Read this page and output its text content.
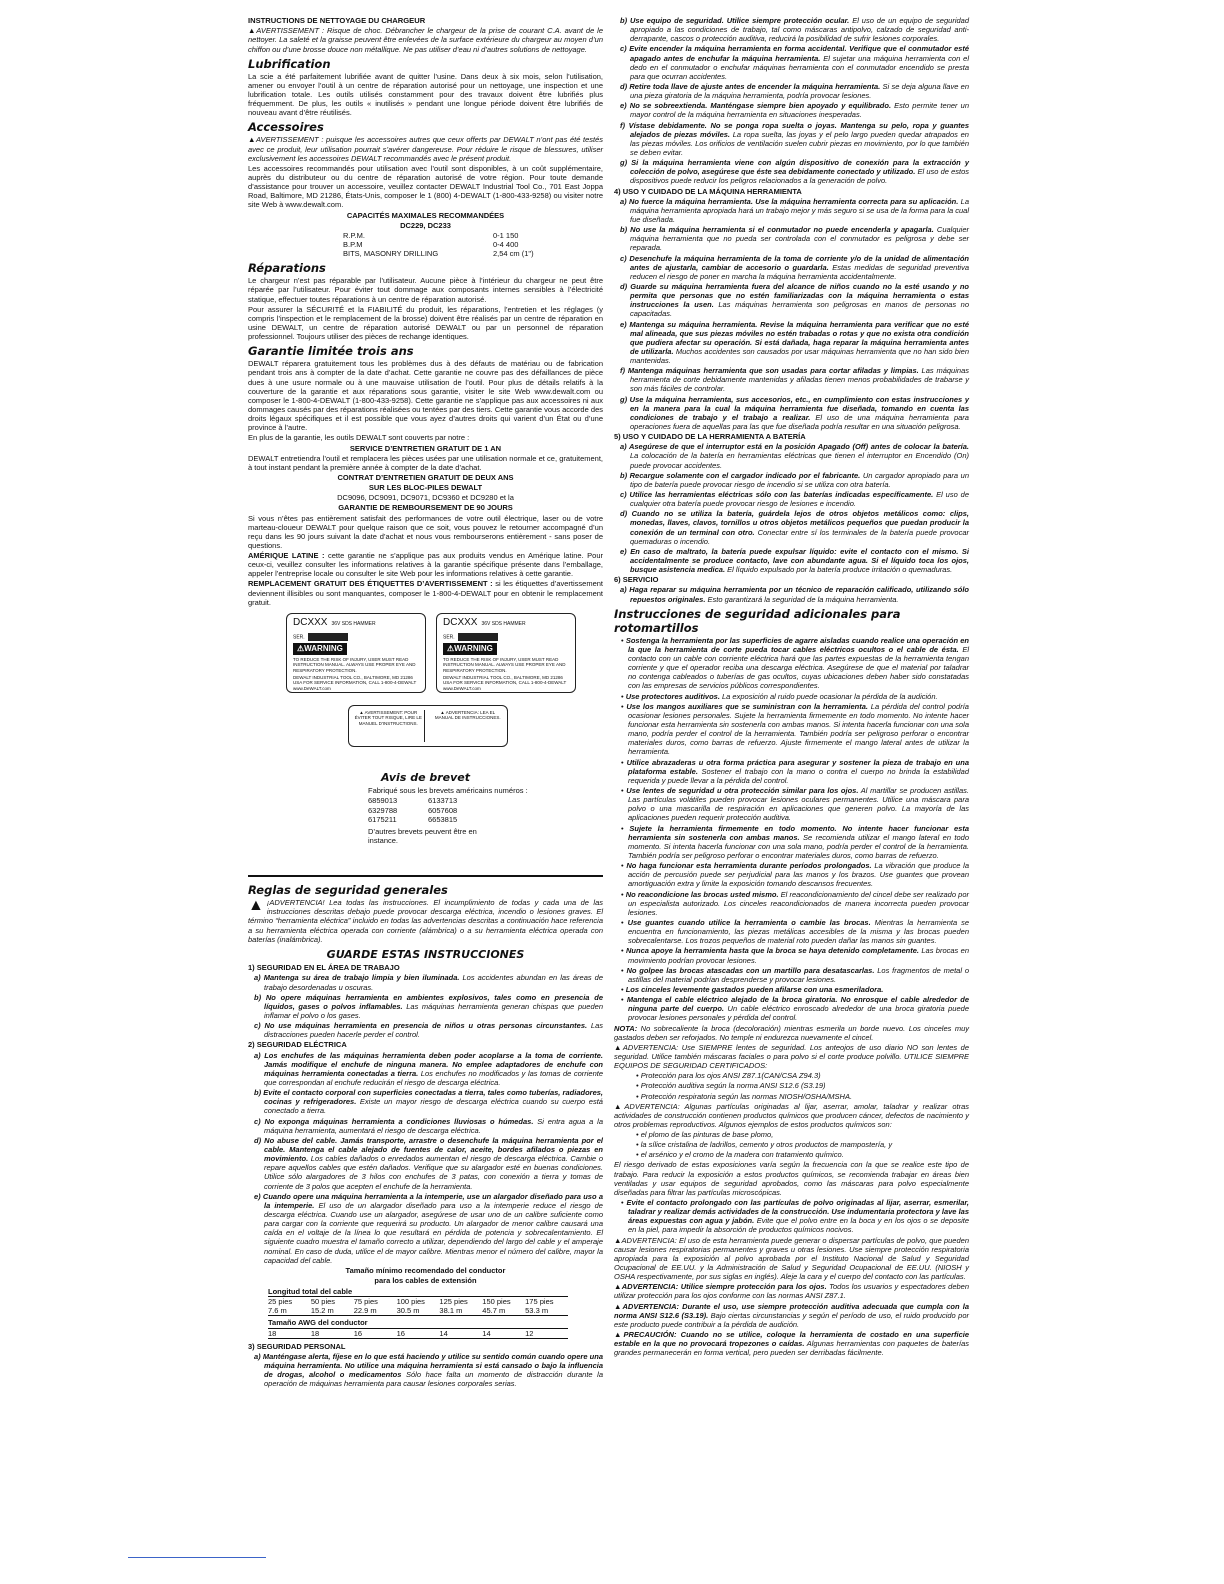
INSTRUCTIONS DE NETTOYAGE DU CHARGEUR

▲AVERTISSEMENT : Risque de choc. Débrancher le chargeur de la prise de courant C.A. avant de le nettoyer. La saleté et la graisse peuvent être enlevées de la surface extérieure du chargeur au moyen d’un chiffon ou d’une brosse douce non métallique. Ne pas utiliser d’eau ni d’autres solutions de nettoyage.

Lubrification

La scie a été parfaitement lubrifiée avant de quitter l’usine. Dans deux à six mois, selon l’utilisation, amener ou envoyer l’outil à un centre de réparation autorisé pour un nettoyage, une inspection et une lubrification totale. Les outils utilisés constamment pour des travaux doivent être lubrifiés plus fréquemment. De plus, les outils « inutilisés » pendant une longue période doivent être lubrifiés de nouveau avant d’être réutilisés.

Accessoires

▲AVERTISSEMENT : puisque les accessoires autres que ceux offerts par DEWALT n’ont pas été testés avec ce produit, leur utilisation pourrait s’avérer dangereuse. Pour réduire le risque de blessures, utiliser exclusivement les accessoires DEWALT recommandés avec le présent produit.

Les accessoires recommandés pour utilisation avec l’outil sont disponibles, à un coût supplémentaire, auprès du distributeur ou du centre de réparation autorisé de votre région. Pour toute demande d’assistance pour trouver un accessoire, veuillez contacter DEWALT Industrial Tool Co., 701 East Joppa Road, Baltimore, MD 21286, États-Unis, composer le 1 (800) 4-DEWALT (1-800-433-9258) ou visiter notre site Web à www.dewalt.com.

CAPACITÉS MAXIMALES RECOMMANDÉES

DC229, DC233

R.P.M.	0-1 150
B.P.M	0-4 400
BITS, MASONRY DRILLING	2,54 cm (1")
Réparations

Le chargeur n’est pas réparable par l’utilisateur. Aucune pièce à l’intérieur du chargeur ne peut être réparée par l’utilisateur. Pour éviter tout dommage aux composants internes sensibles à l’électricité statique, effectuer toutes réparations à un centre de réparation autorisé.

Pour assurer la SÉCURITÉ et la FIABILITÉ du produit, les réparations, l’entretien et les réglages (y compris l’inspection et le remplacement de la brosse) doivent être réalisés par un centre de réparation en usine DEWALT, un centre de réparation autorisé DEWALT ou par un personnel de réparation professionnel. Toujours utiliser des pièces de rechange identiques.

Garantie limitée trois ans

DEWALT réparera gratuitement tous les problèmes dus à des défauts de matériau ou de fabrication pendant trois ans à compter de la date d’achat. Cette garantie ne couvre pas des défaillances de pièce dues à une usure normale ou à une mauvaise utilisation de l’outil. Pour plus de détails relatifs à la couverture de la garantie et aux réparations sous garantie, visiter le site Web www.dewalt.com ou composer le 1-800-4-DEWALT (1-800-433-9258). Cette garantie ne s’applique pas aux accessoires ni aux dommages causés par des réparations réalisées ou tentées par des tiers. Cette garantie vous accorde des droits légaux spécifiques et il est possible que vous ayez d’autres droits qui varient d’un État ou d’une province à l’autre.

En plus de la garantie, les outils DEWALT sont couverts par notre :

SERVICE D’ENTRETIEN GRATUIT DE 1 AN

DEWALT entretiendra l’outil et remplacera les pièces usées par une utilisation normale et ce, gratuitement, à tout instant pendant la première année à compter de la date d’achat.

CONTRAT D’ENTRETIEN GRATUIT DE DEUX ANS

SUR LES BLOC-PILES DEWALT

DC9096, DC9091, DC9071, DC9360 et DC9280 et la

GARANTIE DE REMBOURSEMENT DE 90 JOURS

Si vous n’êtes pas entièrement satisfait des performances de votre outil électrique, laser ou de votre marteau-cloueur DEWALT pour quelque raison que ce soit, vous pouvez le retourner accompagné d’un reçu dans les 90 jours suivant la date d’achat et nous vous rembourserons entièrement - sans poser de questions.

AMÉRIQUE LATINE : cette garantie ne s’applique pas aux produits vendus en Amérique latine. Pour ceux-ci, veuillez consulter les informations relatives à la garantie spécifique présente dans l’emballage, appeler l’entreprise locale ou consulter le site Web pour les informations relatives à cette garantie.

REMPLACEMENT GRATUIT DES ÉTIQUETTES D’AVERTISSEMENT : si les étiquettes d’avertissement deviennent illisibles ou sont manquantes, composer le 1-800-4-DEWALT pour en obtenir le remplacement gratuit.

DCXXX 36V SDS HAMMER
SER.
⚠WARNING
TO REDUCE THE RISK OF INJURY, USER MUST READ INSTRUCTION MANUAL. ALWAYS USE PROPER EYE AND RESPIRATORY PROTECTION.
DEWALT INDUSTRIAL TOOL CO., BALTIMORE, MD 21286 USA FOR SERVICE INFORMATION, CALL 1-800-4-DEWALT www.DeWALT.com
DCXXX 36V SDS HAMMER
SER.
⚠WARNING
TO REDUCE THE RISK OF INJURY, USER MUST READ INSTRUCTION MANUAL. ALWAYS USE PROPER EYE AND RESPIRATORY PROTECTION.
DEWALT INDUSTRIAL TOOL CO., BALTIMORE, MD 21286 USA FOR SERVICE INFORMATION, CALL 1-800-4-DEWALT www.DeWALT.com
▲ AVERTISSEMENT: POUR ÉVITER TOUT RISQUE, LIRE LE MANUEL D'INSTRUCTIONS.
▲ ADVERTENCIA: LEA EL MANUAL DE INSTRUCCIONES.
Avis de brevet

Fabriqué sous les brevets américains numéros :

6859013	6133713
6329788	6057608
6175211	6653815

D’autres brevets peuvent être en instance.

Reglas de seguridad generales

▲ ¡ADVERTENCIA! Lea todas las instrucciones. El incumplimiento de todas y cada una de las instrucciones descritas debajo puede provocar descarga eléctrica, incendio o lesiones graves. El término “herramienta eléctrica” incluido en todas las advertencias descritas a continuación hace referencia a su herramienta eléctrica operada con corriente (alámbrica) o a su herramienta eléctrica operada con baterías (inalámbrica).

GUARDE ESTAS INSTRUCCIONES

1) SEGURIDAD EN EL ÁREA DE TRABAJO

a) Mantenga su área de trabajo limpia y bien iluminada. Los accidentes abundan en las áreas de trabajo desordenadas u oscuras.

b) No opere máquinas herramienta en ambientes explosivos, tales como en presencia de líquidos, gases o polvos inflamables. Las máquinas herramienta generan chispas que pueden inflamar el polvo o los gases.

c) No use máquinas herramienta en presencia de niños u otras personas circunstantes. Las distracciones pueden hacerle perder el control.

2) SEGURIDAD ELÉCTRICA

a) Los enchufes de las máquinas herramienta deben poder acoplarse a la toma de corriente. Jamás modifique el enchufe de ninguna manera. No emplee adaptadores de enchufe con máquinas herramienta conectadas a tierra. Los enchufes no modificados y las tomas de corriente que correspondan al enchufe reducirán el riesgo de descarga eléctrica.

b) Evite el contacto corporal con superficies conectadas a tierra, tales como tuberías, radiadores, cocinas y refrigeradores. Existe un mayor riesgo de descarga eléctrica cuando su cuerpo está conectado a tierra.

c) No exponga máquinas herramienta a condiciones lluviosas o húmedas. Si entra agua a la máquina herramienta, aumentará el riesgo de descarga eléctrica.

d) No abuse del cable. Jamás transporte, arrastre o desenchufe la máquina herramienta por el cable. Mantenga el cable alejado de fuentes de calor, aceite, bordes afilados o piezas en movimiento. Los cables dañados o enredados aumentan el riesgo de descarga eléctrica. Cambie o repare aquellos cables que estén dañados. Verifique que su alargador esté en buenas condiciones. Utilice sólo alargadores de 3 hilos con enchufes de 3 patas, con conexión a tierra y tomas de corriente de 3 polos que acepten el enchufe de la herramienta.

e) Cuando opere una máquina herramienta a la intemperie, use un alargador diseñado para uso a la intemperie. El uso de un alargador diseñado para uso a la intemperie reduce el riesgo de descarga eléctrica. Cuando use un alargador, asegúrese de usar uno de un calibre suficiente como para cargar con la corriente que requerirá su producto. Un alargador de menor calibre causará una caída en el voltaje de la línea lo que resultará en pérdida de potencia y sobrecalentamiento. El siguiente cuadro muestra el tamaño correcto a utilizar, dependiendo del largo del cable y el amperaje nominal. En caso de duda, utilice el de mayor calibre. Mientras menor el número del calibre, mayor la capacidad del cable.

Tamaño mínimo recomendado del conductor

para los cables de extensión

Longitud total del cable
25 pies	50 pies	75 pies	100 pies	125 pies	150 pies	175 pies
7.6 m	15.2 m	22.9 m	30.5 m	38.1 m	45.7 m	53.3 m
Tamaño AWG del conductor
18	18	16	16	14	14	12

3) SEGURIDAD PERSONAL

a) Manténgase alerta, fíjese en lo que está haciendo y utilice su sentido común cuando opere una máquina herramienta. No utilice una máquina herramienta si está cansado o bajo la influencia de drogas, alcohol o medicamentos Sólo hace falta un momento de distracción durante la operación de máquinas herramienta para causar lesiones corporales serias.

b) Use equipo de seguridad. Utilice siempre protección ocular. El uso de un equipo de seguridad apropiado a las condiciones de trabajo, tal como máscaras antipolvo, calzado de seguridad anti-derrapante, cascos o protección auditiva, reducirá la posibilidad de sufrir lesiones corporales.

c) Evite encender la máquina herramienta en forma accidental. Verifique que el conmutador esté apagado antes de enchufar la máquina herramienta. El sujetar una máquina herramienta con el dedo en el conmutador o enchufar máquinas herramienta con el conmutador encendido se presta para que ocurran accidentes.

d) Retire toda llave de ajuste antes de encender la máquina herramienta. Si se deja alguna llave en una pieza giratoria de la máquina herramienta, podría provocar lesiones.

e) No se sobreextienda. Manténgase siempre bien apoyado y equilibrado. Esto permite tener un mayor control de la máquina herramienta en situaciones inesperadas.

f) Vístase debidamente. No se ponga ropa suelta o joyas. Mantenga su pelo, ropa y guantes alejados de piezas móviles. La ropa suelta, las joyas y el pelo largo pueden quedar atrapados en las piezas móviles. Los orificios de ventilación suelen cubrir piezas en movimiento, por lo que también se deben evitar.

g) Si la máquina herramienta viene con algún dispositivo de conexión para la extracción y colección de polvo, asegúrese que éste sea debidamente conectado y utilizado. El uso de estos dispositivos puede reducir los peligros relacionados a la generación de polvo.

4) USO Y CUIDADO DE LA MÁQUINA HERRAMIENTA

a) No fuerce la máquina herramienta. Use la máquina herramienta correcta para su aplicación. La máquina herramienta apropiada hará un trabajo mejor y más seguro si se usa de la forma para la cual fue diseñada.

b) No use la máquina herramienta si el conmutador no puede encenderla y apagarla. Cualquier máquina herramienta que no pueda ser controlada con el conmutador es peligrosa y debe ser reparada.

c) Desenchufe la máquina herramienta de la toma de corriente y/o de la unidad de alimentación antes de ajustarla, cambiar de accesorio o guardarla. Estas medidas de seguridad preventiva reducen el riesgo de poner en marcha la máquina herramienta accidentalmente.

d) Guarde su máquina herramienta fuera del alcance de niños cuando no la esté usando y no permita que personas que no estén familiarizadas con la máquina herramienta o estas instrucciones la usen. Las máquinas herramienta son peligrosas en manos de personas no capacitadas.

e) Mantenga su máquina herramienta. Revise la máquina herramienta para verificar que no esté mal alineada, que sus piezas móviles no estén trabadas o rotas y que no exista otra condición que pudiera afectar su operación. Si está dañada, haga reparar la máquina herramienta antes de utilizarla. Muchos accidentes son causados por usar máquinas herramienta que no han sido bien mantenidas.

f) Mantenga máquinas herramienta que son usadas para cortar afiladas y limpias. Las máquinas herramienta de corte debidamente mantenidas y afiladas tienen menos probabilidades de trabarse y son más fáciles de controlar.

g) Use la máquina herramienta, sus accesorios, etc., en cumplimiento con estas instrucciones y en la manera para la cual la máquina herramienta fue diseñada, tomando en cuenta las condiciones de trabajo y el trabajo a realizar. El uso de una máquina herramienta para operaciones fuera de aquellas para las que fue diseñada podría resultar en una situación peligrosa.

5) USO Y CUIDADO DE LA HERRAMIENTA A BATERÍA

a) Asegúrese de que el interruptor está en la posición Apagado (Off) antes de colocar la batería. La colocación de la batería en herramientas eléctricas que tienen el interruptor en Encendido (On) puede provocar accidentes.

b) Recargue solamente con el cargador indicado por el fabricante. Un cargador apropiado para un tipo de batería puede provocar riesgo de incendio si se utiliza con otra batería.

c) Utilice las herramientas eléctricas sólo con las baterías indicadas específicamente. El uso de cualquier otra batería puede provocar riesgo de lesiones e incendio.

d) Cuando no se utiliza la batería, guárdela lejos de otros objetos metálicos como: clips, monedas, llaves, clavos, tornillos u otros objetos metálicos pequeños que puedan producir la conexión de un terminal con otro. Conectar entre sí los terminales de la batería puede provocar quemaduras o incendio.

e) En caso de maltrato, la batería puede expulsar líquido: evite el contacto con el mismo. Si accidentalmente se produce contacto, lave con abundante agua. Si el líquido toca los ojos, busque asistencia medica. El líquido expulsado por la batería produce irritación o quemaduras.

6) SERVICIO

a) Haga reparar su máquina herramienta por un técnico de reparación calificado, utilizando sólo repuestos originales. Esto garantizará la seguridad de la máquina herramienta.

Instrucciones de seguridad adicionales para
rotomartillos

• Sostenga la herramienta por las superficies de agarre aisladas cuando realice una operación en la que la herramienta de corte pueda tocar cables eléctricos ocultos o el cable de ésta. El contacto con un cable con corriente eléctrica hará que las partes expuestas de la herramienta tengan corriente y que el operador reciba una descarga eléctrica. Asegúrese de que el material por taladrar no contenga cableados o tuberías de gas ocultos, cuyas ubicaciones deben haber sido constatadas con las empresas de servicios públicos correspondientes.

• Use protectores auditivos. La exposición al ruido puede ocasionar la pérdida de la audición.

• Use los mangos auxiliares que se suministran con la herramienta. La pérdida del control podría ocasionar lesiones personales. Sujete la herramienta firmemente en todo momento. No intente hacer funcionar esta herramienta sin sostenerla con ambas manos. Si intenta hacerla funcionar con una sola mano, podría perder el control de la herramienta. También podría ser peligroso perforar o encontrar materiales duros, como barras de refuerzo. Ajuste firmemente el mango lateral antes de utilizar la herramienta.

• Utilice abrazaderas u otra forma práctica para asegurar y sostener la pieza de trabajo en una plataforma estable. Sostener el trabajo con la mano o contra el cuerpo no brinda la estabilidad requerida y puede llevar a la pérdida del control.

• Use lentes de seguridad u otra protección similar para los ojos. Al martillar se producen astillas. Las partículas volátiles pueden provocar lesiones oculares permanentes. Utilice una máscara para polvo o una mascarilla de respiración en aplicaciones que generen polvo. La mayoría de las aplicaciones pueden requerir protección auditiva.

• Sujete la herramienta firmemente en todo momento. No intente hacer funcionar esta herramienta sin sostenerla con ambas manos. Se recomienda utilizar el mango lateral en todo momento. Si intenta hacerla funcionar con una sola mano, podría perder el control de la herramienta. También podría ser peligroso perforar o encontrar materiales duros, como barras de refuerzo.

• No haga funcionar esta herramienta durante períodos prolongados. La vibración que produce la acción de percusión puede ser perjudicial para las manos y los brazos. Use guantes que provean amortiguación extra y limite la exposición tomando descansos frecuentes.

• No reacondicione las brocas usted mismo. El reacondicionamiento del cincel debe ser realizado por un especialista autorizado. Los cinceles reacondicionados de manera incorrecta pueden provocar lesiones.

• Use guantes cuando utilice la herramienta o cambie las brocas. Mientras la herramienta se encuentra en funcionamiento, las piezas metálicas accesibles de la misma y las brocas pueden sobrecalentarse. Los trozos pequeños de material roto pueden dañar las manos sin guantes.

• Nunca apoye la herramienta hasta que la broca se haya detenido completamente. Las brocas en movimiento podrían provocar lesiones.

• No golpee las brocas atascadas con un martillo para desatascarlas. Los fragmentos de metal o astillas del material podrían desprenderse y provocar lesiones.

• Los cinceles levemente gastados pueden afilarse con una esmeriladora.

• Mantenga el cable eléctrico alejado de la broca giratoria. No enrosque el cable alrededor de ninguna parte del cuerpo. Un cable eléctrico enroscado alrededor de una broca giratoria puede provocar lesiones personales y pérdida del control.

NOTA: No sobrecaliente la broca (decoloración) mientras esmerila un borde nuevo. Los cinceles muy gastados deben ser reforjados. No temple ni endurezca nuevamente el cincel.

▲ADVERTENCIA: Use SIEMPRE lentes de seguridad. Los anteojos de uso diario NO son lentes de seguridad. Utilice también máscaras faciales o para polvo si el corte produce polvillo. UTILICE SIEMPRE EQUIPOS DE SEGURIDAD CERTIFICADOS:

• Protección para los ojos ANSI Z87.1(CAN/CSA Z94.3)

• Protección auditiva según la norma ANSI S12.6 (S3.19)

• Protección respiratoria según las normas NIOSH/OSHA/MSHA.

▲ADVERTENCIA: Algunas partículas originadas al lijar, aserrar, amolar, taladrar y realizar otras actividades de construcción contienen productos químicos que producen cáncer, defectos de nacimiento y otros problemas reproductivos. Algunos ejemplos de estos productos químicos son:

• el plomo de las pinturas de base plomo,

• la sílice cristalina de ladrillos, cemento y otros productos de mampostería, y

• el arsénico y el cromo de la madera con tratamiento químico.

El riesgo derivado de estas exposiciones varía según la frecuencia con la que se realice este tipo de trabajo. Para reducir la exposición a estos productos químicos, se recomienda trabajar en áreas bien ventiladas y usar equipos de seguridad aprobados, como las máscaras para polvo especialmente diseñadas para filtrar las partículas microscópicas.

• Evite el contacto prolongado con las partículas de polvo originadas al lijar, aserrar, esmerilar, taladrar y realizar demás actividades de la construcción. Use indumentaria protectora y lave las áreas expuestas con agua y jabón. Evite que el polvo entre en la boca y en los ojos o se deposite en la piel, para impedir la absorción de productos químicos nocivos.

▲ADVERTENCIA: El uso de esta herramienta puede generar o dispersar partículas de polvo, que pueden causar lesiones respiratorias permanentes y graves u otras lesiones. Use siempre protección respiratoria apropiada para la exposición al polvo aprobada por el Instituto Nacional de Salud y Seguridad Ocupacional de EE.UU. y la Administración de Salud y Seguridad Ocupacional de EE.UU. (NIOSH y OSHA respectivamente, por sus siglas en inglés). Aleje la cara y el cuerpo del contacto con las partículas.

▲ADVERTENCIA: Utilice siempre protección para los ojos. Todos los usuarios y espectadores deben utilizar protección para los ojos conforme con las normas ANSI Z87.1.

▲ADVERTENCIA: Durante el uso, use siempre protección auditiva adecuada que cumpla con la norma ANSI S12.6 (S3.19). Bajo ciertas circunstancias y según el período de uso, el ruido producido por este producto puede contribuir a la pérdida de audición.

▲PRECAUCIÓN: Cuando no se utilice, coloque la herramienta de costado en una superficie estable en la que no provocará tropezones o caídas. Algunas herramientas con paquetes de baterías grandes permanecerán en forma vertical, pero pueden ser derribadas fácilmente.
